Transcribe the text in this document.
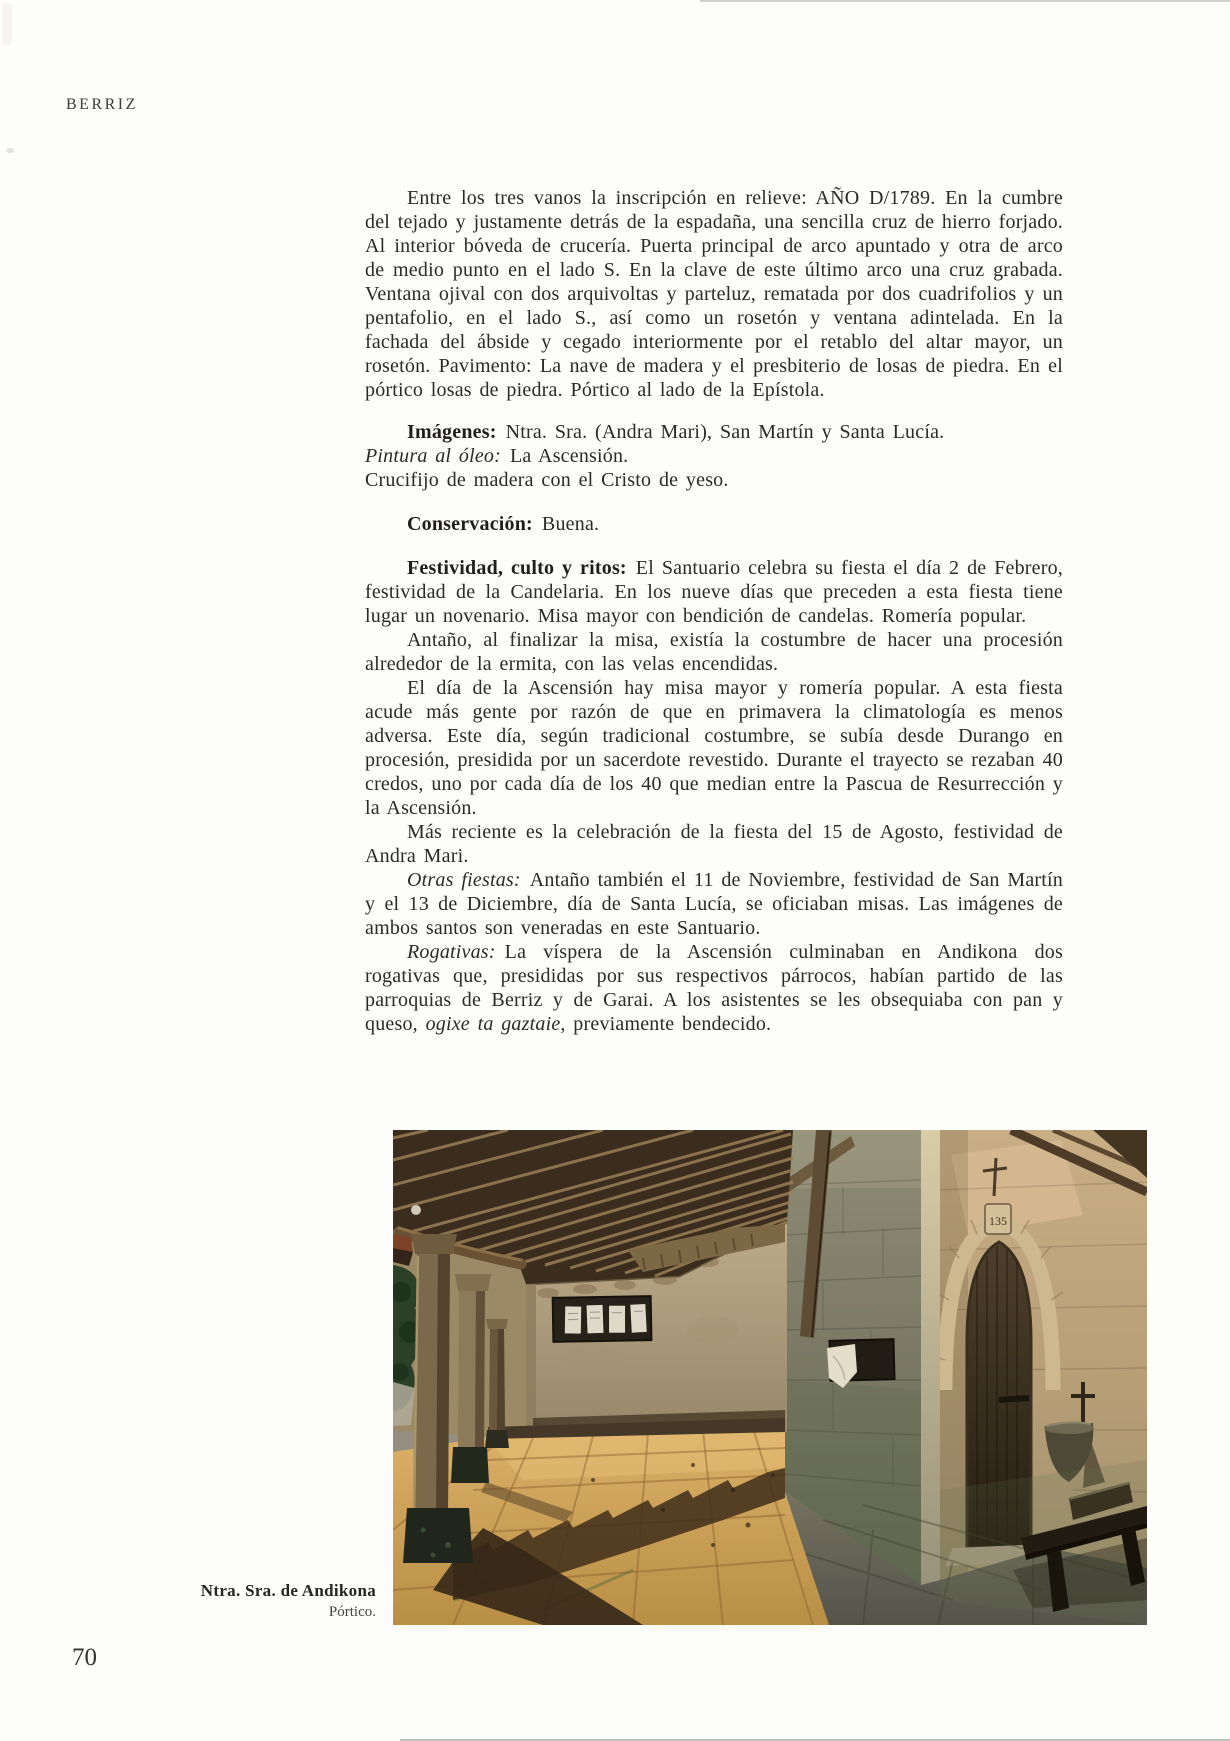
BERRIZ

Entre los tres vanos la inscripción en relieve: AÑO D/1789. En la cumbre del tejado y justamente detrás de la espadaña, una sencilla cruz de hierro forjado. Al interior bóveda de crucería. Puerta principal de arco apuntado y otra de arco de medio punto en el lado S. En la clave de este último arco una cruz grabada. Ventana ojival con dos arquivoltas y parteluz, rematada por dos cuadrifolios y un pentafolio, en el lado S., así como un rosetón y ventana adintelada. En la fachada del ábside y cegado interiormente por el retablo del altar mayor, un rosetón. Pavimento: La nave de madera y el presbiterio de losas de piedra. En el pórtico losas de piedra. Pórtico al lado de la Epístola.

Imágenes: Ntra. Sra. (Andra Mari), San Martín y Santa Lucía.

Pintura al óleo: La Ascensión.

Crucifijo de madera con el Cristo de yeso.

Conservación: Buena.

Festividad, culto y ritos: El Santuario celebra su fiesta el día 2 de Febrero, festividad de la Candelaria. En los nueve días que preceden a esta fiesta tiene lugar un novenario. Misa mayor con bendición de candelas. Romería popular.

Antaño, al finalizar la misa, existía la costumbre de hacer una procesión alrededor de la ermita, con las velas encendidas.

El día de la Ascensión hay misa mayor y romería popular. A esta fiesta acude más gente por razón de que en primavera la climatología es menos adversa. Este día, según tradicional costumbre, se subía desde Durango en procesión, presidida por un sacerdote revestido. Durante el trayecto se rezaban 40 credos, uno por cada día de los 40 que median entre la Pascua de Resurrección y la Ascensión.

Más reciente es la celebración de la fiesta del 15 de Agosto, festividad de Andra Mari.

Otras fiestas: Antaño también el 11 de Noviembre, festividad de San Martín y el 13 de Diciembre, día de Santa Lucía, se oficiaban misas. Las imágenes de ambos santos son veneradas en este Santuario.

Rogativas: La víspera de la Ascensión culminaban en Andikona dos rogativas que, presididas por sus respectivos párrocos, habían partido de las parroquias de Berriz y de Garai. A los asistentes se les obsequiaba con pan y queso, ogixe ta gaztaie, previamente bendecido.

135
Ntra. Sra. de Andikona
Pórtico.
70
